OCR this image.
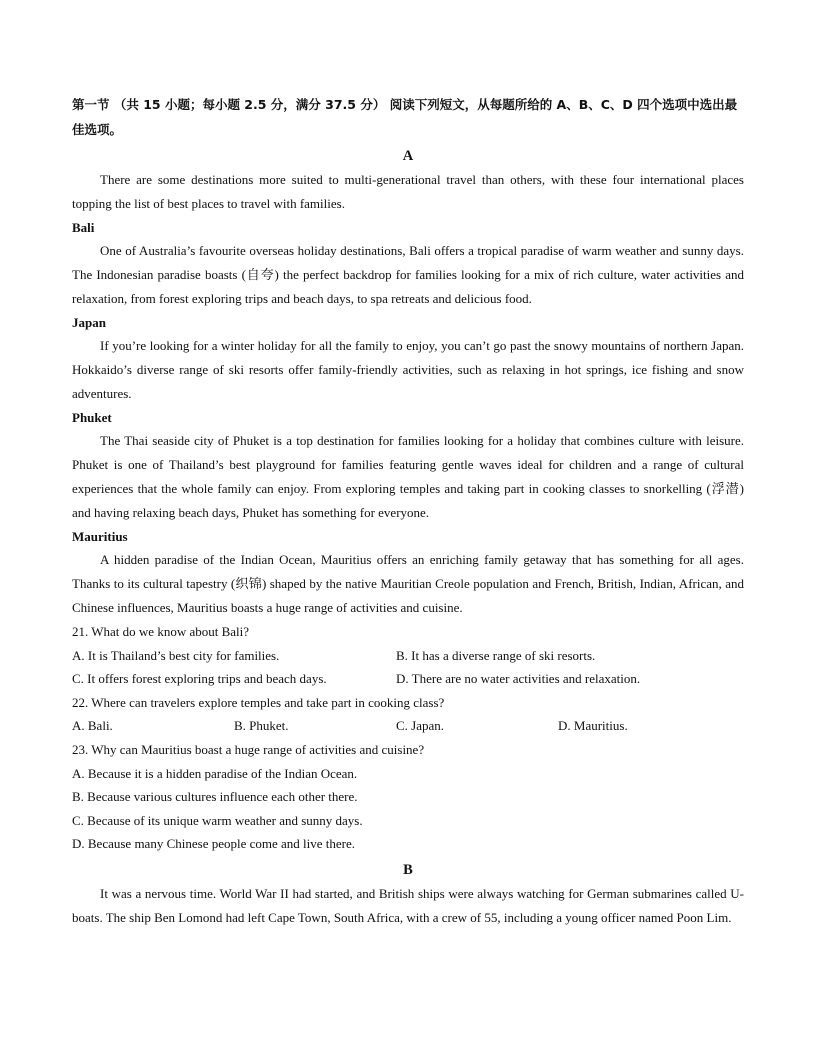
第一节 （共 15 小题；每小题 2.5 分，满分 37.5 分） 阅读下列短文，从每题所给的 A、B、C、D 四个选项中选出最佳选项。

A

There are some destinations more suited to multi-generational travel than others, with these four international places topping the list of best places to travel with families.

Bali

One of Australia’s favourite overseas holiday destinations, Bali offers a tropical paradise of warm weather and sunny days. The Indonesian paradise boasts (自夸) the perfect backdrop for families looking for a mix of rich culture, water activities and relaxation, from forest exploring trips and beach days, to spa retreats and delicious food.

Japan

If you’re looking for a winter holiday for all the family to enjoy, you can’t go past the snowy mountains of northern Japan. Hokkaido’s diverse range of ski resorts offer family-friendly activities, such as relaxing in hot springs, ice fishing and snow adventures.

Phuket

The Thai seaside city of Phuket is a top destination for families looking for a holiday that combines culture with leisure. Phuket is one of Thailand’s best playground for families featuring gentle waves ideal for children and a range of cultural experiences that the whole family can enjoy. From exploring temples and taking part in cooking classes to snorkelling (浮潜) and having relaxing beach days, Phuket has something for everyone.

Mauritius

A hidden paradise of the Indian Ocean, Mauritius offers an enriching family getaway that has something for all ages. Thanks to its cultural tapestry (织锦) shaped by the native Mauritian Creole population and French, British, Indian, African, and Chinese influences, Mauritius boasts a huge range of activities and cuisine.

21. What do we know about Bali?
A. It is Thailand’s best city for families.	B. It has a diverse range of ski resorts.
C. It offers forest exploring trips and beach days.	D. There are no water activities and relaxation.
22. Where can travelers explore temples and take part in cooking class?
A. Bali.	B. Phuket.	C. Japan.	D. Mauritius.
23. Why can Mauritius boast a huge range of activities and cuisine?
A. Because it is a hidden paradise of the Indian Ocean.
B. Because various cultures influence each other there.
C. Because of its unique warm weather and sunny days.
D. Because many Chinese people come and live there.
B

It was a nervous time. World War II had started, and British ships were always watching for German submarines called U-boats. The ship Ben Lomond had left Cape Town, South Africa, with a crew of 55, including a young officer named Poon Lim.
